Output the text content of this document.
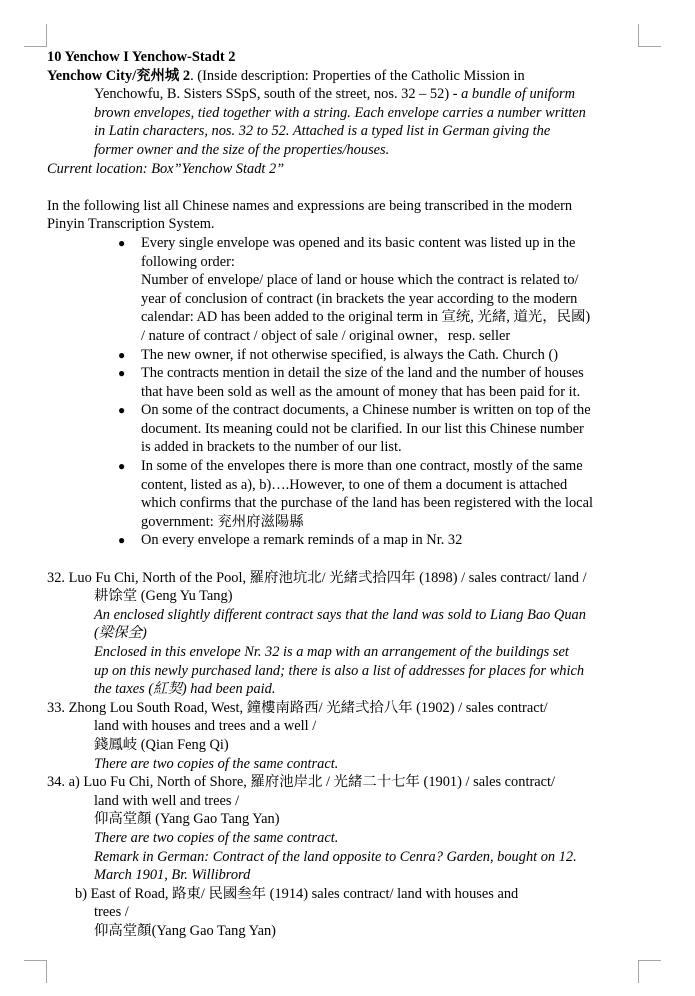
10 Yenchow I Yenchow-Stadt 2
Yenchow City/兖州城 2. (Inside description: Properties of the Catholic Mission in
Yenchowfu, B. Sisters SSpS, south of the street, nos. 32 – 52) - a bundle of uniform
brown envelopes, tied together with a string. Each envelope carries a number written
in Latin characters, nos. 32 to 52. Attached is a typed list in German giving the
former owner and the size of the properties/houses.
Current location: Box”Yenchow Stadt 2”
In the following list all Chinese names and expressions are being transcribed in the modern
Pinyin Transcription System.
● Every single envelope was opened and its basic content was listed up in the
following order:
Number of envelope/ place of land or house which the contract is related to/
year of conclusion of contract (in brackets the year according to the modern
calendar: AD has been added to the original term in 宣统, 光緒, 道光，民國)
/ nature of contract / object of sale / original owner，resp. seller
● The new owner, if not otherwise specified, is always the Cath. Church ()
● The contracts mention in detail the size of the land and the number of houses
that have been sold as well as the amount of money that has been paid for it.
● On some of the contract documents, a Chinese number is written on top of the
document. Its meaning could not be clarified. In our list this Chinese number
is added in brackets to the number of our list.
● In some of the envelopes there is more than one contract, mostly of the same
content, listed as a), b)….However, to one of them a document is attached
which confirms that the purchase of the land has been registered with the local
government: 兖州府滋陽縣
● On every envelope a remark reminds of a map in Nr. 32
32. Luo Fu Chi, North of the Pool, 羅府池坑北/ 光緒弍拾四年 (1898) / sales contract/ land /
耕馀堂 (Geng Yu Tang)
An enclosed slightly different contract says that the land was sold to Liang Bao Quan
(梁保全)
Enclosed in this envelope Nr. 32 is a map with an arrangement of the buildings set
up on this newly purchased land; there is also a list of addresses for places for which
the taxes (紅契) had been paid.
33. Zhong Lou South Road, West, 鐘樓南路西/ 光緒弍拾八年 (1902) / sales contract/
land with houses and trees and a well /
錢鳳岐 (Qian Feng Qi)
There are two copies of the same contract.
34. a) Luo Fu Chi, North of Shore, 羅府池岸北 / 光緒二十七年 (1901) / sales contract/
land with well and trees /
仰高堂顏 (Yang Gao Tang Yan)
There are two copies of the same contract.
Remark in German: Contract of the land opposite to Cenra? Garden, bought on 12.
March 1901, Br. Willibrord
b) East of Road, 路東/ 民國叁年 (1914) sales contract/ land with houses and
trees /
仰高堂顏(Yang Gao Tang Yan)
